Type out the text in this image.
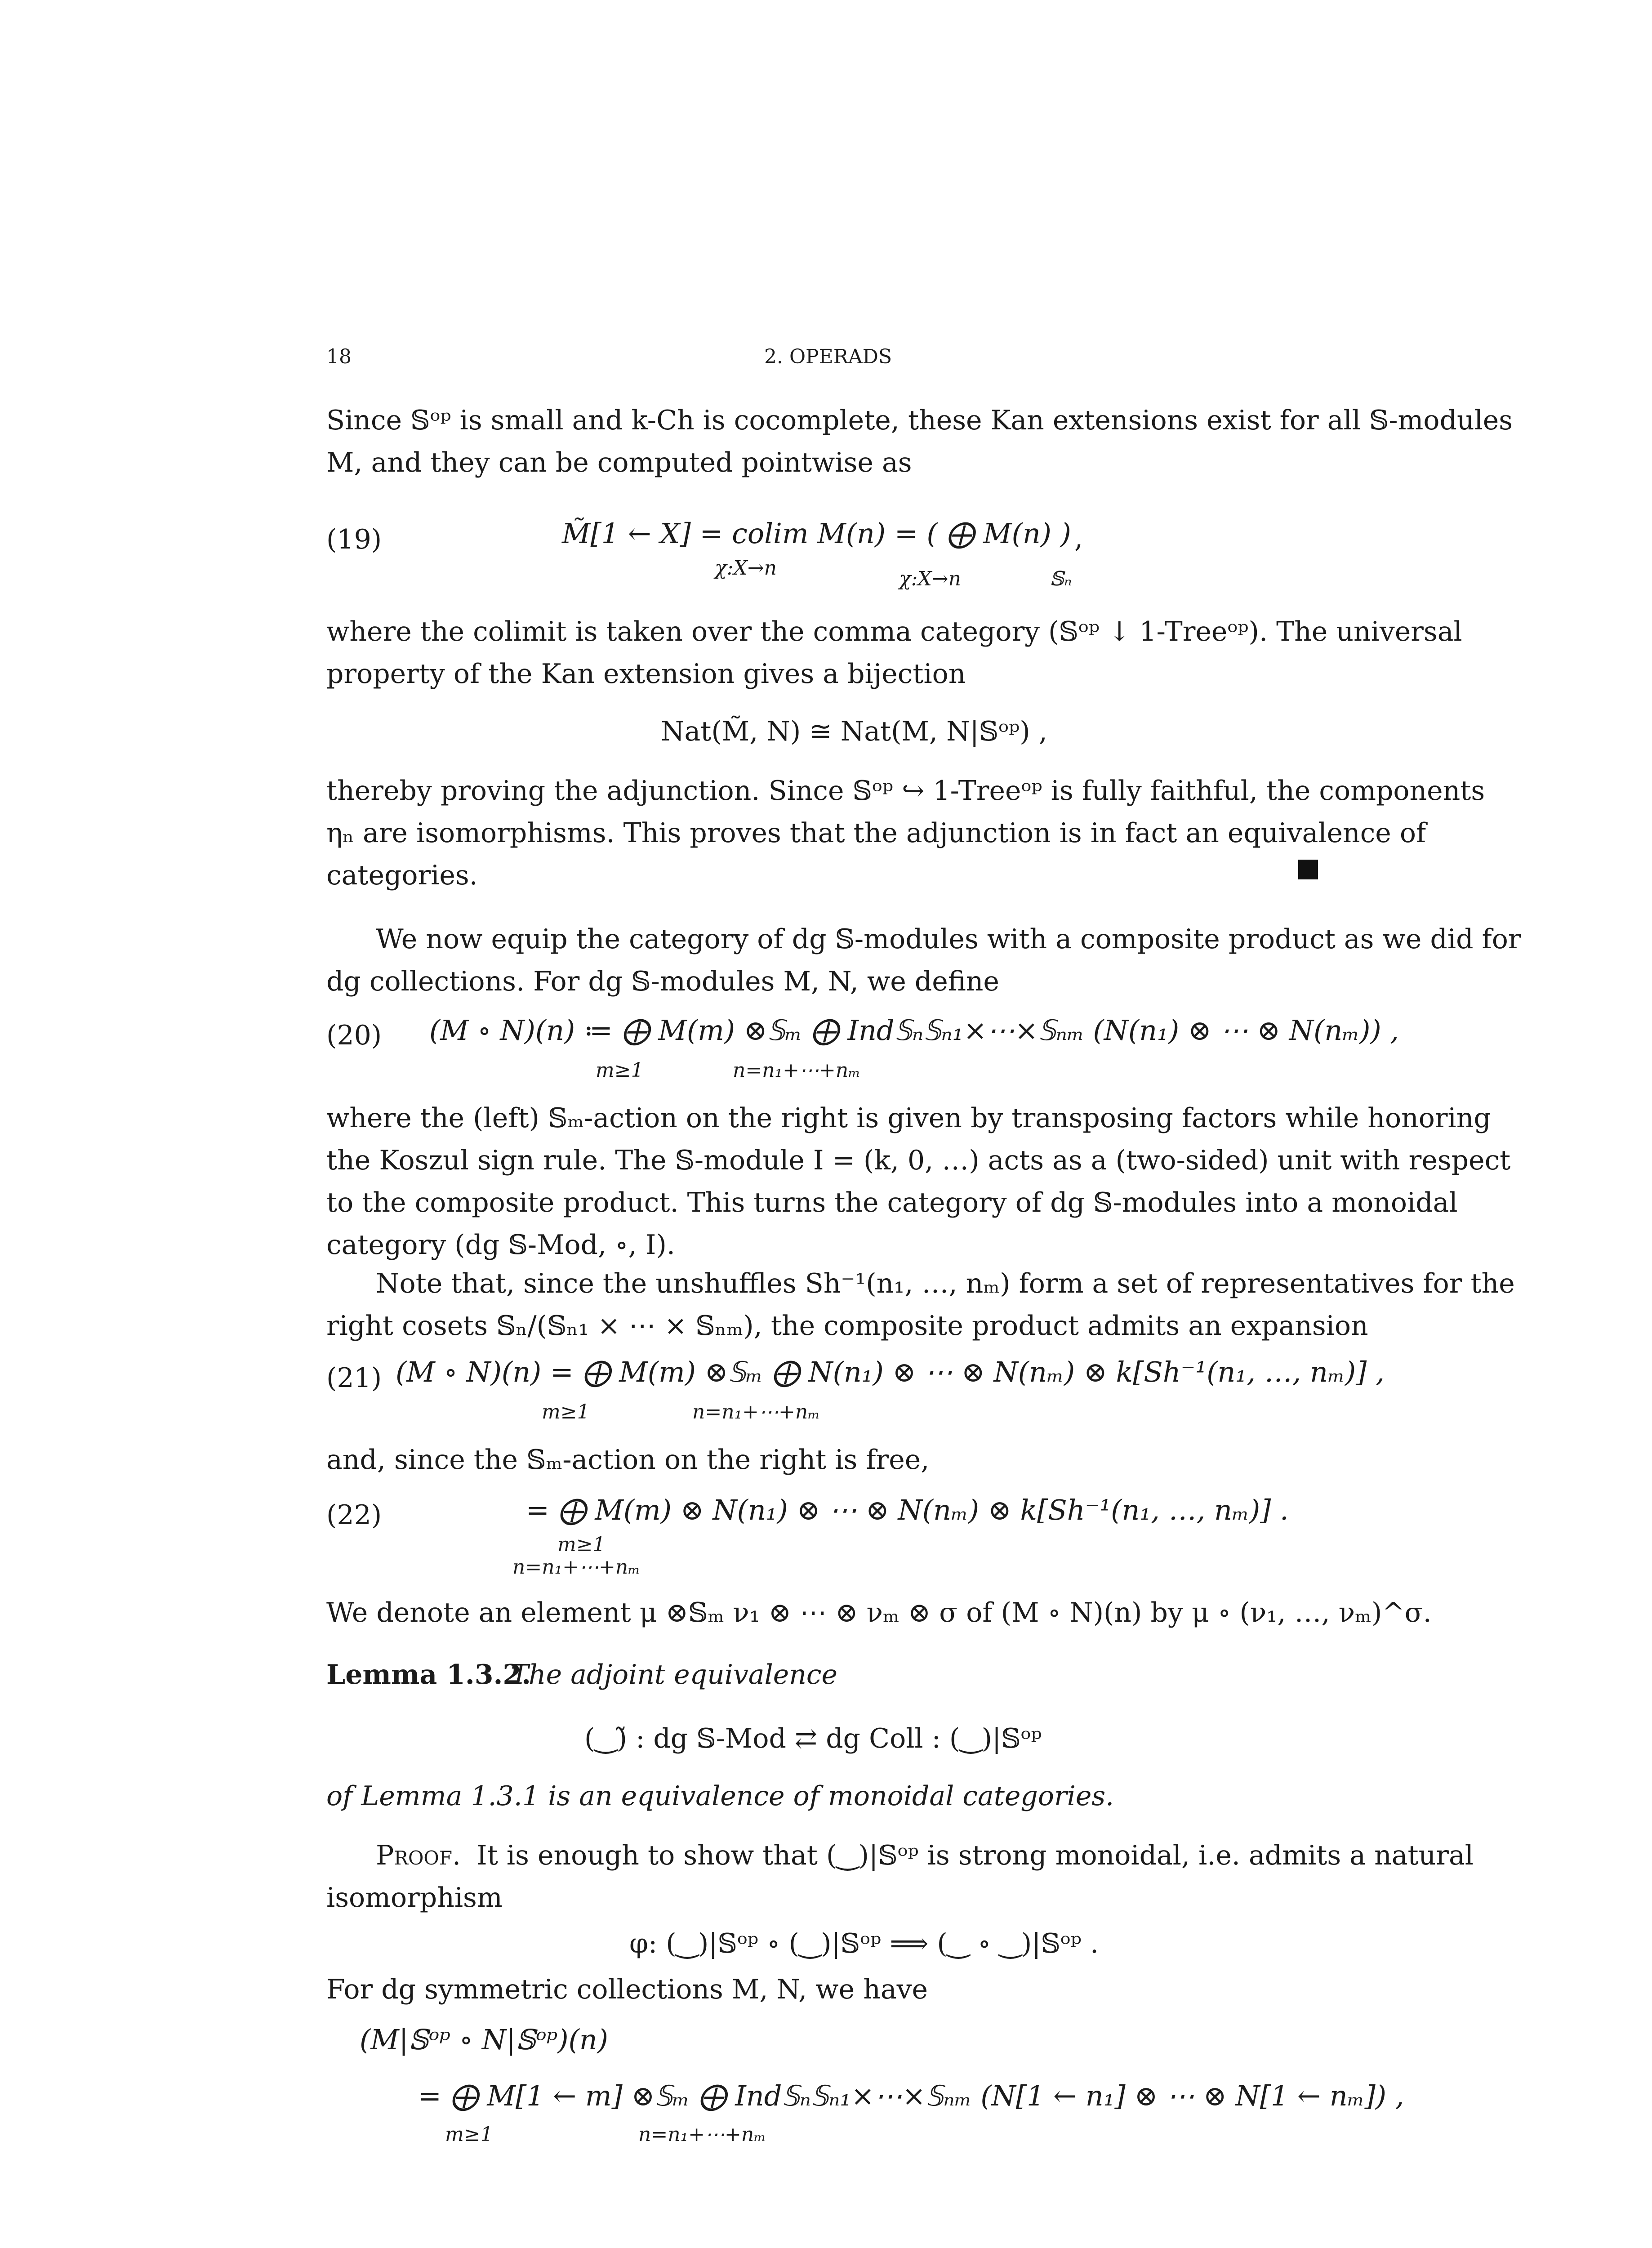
18	2. OPERADS
Since 𝕊ᵒᵖ is small and k-Ch is cocomplete, these Kan extensions exist for all 𝕊-modules
M, and they can be computed pointwise as
(19)	M̃[1 ← X] = colim M(n) = ( ⨁ M(n) )
χ:X→n	χ:X→n	𝕊ₙ
,
where the colimit is taken over the comma category (𝕊ᵒᵖ ↓ 1-Treeᵒᵖ). The universal
property of the Kan extension gives a bijection
Nat(M̃, N) ≅ Nat(M, N|𝕊ᵒᵖ) ,
thereby proving the adjunction. Since 𝕊ᵒᵖ ↪ 1-Treeᵒᵖ is fully faithful, the components
ηₙ are isomorphisms. This proves that the adjunction is in fact an equivalence of
categories.
We now equip the category of dg 𝕊-modules with a composite product as we did for
dg collections. For dg 𝕊-modules M, N, we define
(20) (M ∘ N)(n) ≔ ⨁ M(m) ⊗𝕊ₘ ⨁ Ind𝕊ₙ𝕊ₙ₁×⋯×𝕊ₙₘ (N(n₁) ⊗ ⋯ ⊗ N(nₘ)) ,
m≥1	n=n₁+⋯+nₘ
where the (left) 𝕊ₘ-action on the right is given by transposing factors while honoring
the Koszul sign rule. The 𝕊-module I = (k, 0, …) acts as a (two-sided) unit with respect
to the composite product. This turns the category of dg 𝕊-modules into a monoidal
category (dg 𝕊-Mod, ∘, I).
Note that, since the unshuffles Sh⁻¹(n₁, …, nₘ) form a set of representatives for the
right cosets 𝕊ₙ/(𝕊ₙ₁ × ⋯ × 𝕊ₙₘ), the composite product admits an expansion
(21) (M ∘ N)(n) = ⨁ M(m) ⊗𝕊ₘ ⨁ N(n₁) ⊗ ⋯ ⊗ N(nₘ) ⊗ k[Sh⁻¹(n₁, …, nₘ)] ,
m≥1	n=n₁+⋯+nₘ
and, since the 𝕊ₘ-action on the right is free,
(22)	= ⨁ M(m) ⊗ N(n₁) ⊗ ⋯ ⊗ N(nₘ) ⊗ k[Sh⁻¹(n₁, …, nₘ)] .
m≥1
n=n₁+⋯+nₘ
We denote an element μ ⊗𝕊ₘ ν₁ ⊗ ⋯ ⊗ νₘ ⊗ σ of (M ∘ N)(n) by μ ∘ (ν₁, …, νₘ)^σ.
Lemma 1.3.2.
The adjoint equivalence
(‿)̃ : dg 𝕊-Mod ⇄ dg Coll : (‿)|𝕊ᵒᵖ
of Lemma 1.3.1 is an equivalence of monoidal categories.
Proof. It is enough to show that (‿)|𝕊ᵒᵖ is strong monoidal, i.e. admits a natural
isomorphism
φ: (‿)|𝕊ᵒᵖ ∘ (‿)|𝕊ᵒᵖ ⟹ (‿ ∘ ‿)|𝕊ᵒᵖ .
For dg symmetric collections M, N, we have
(M|𝕊ᵒᵖ ∘ N|𝕊ᵒᵖ)(n)
= ⨁ M[1 ← m] ⊗𝕊ₘ ⨁ Ind𝕊ₙ𝕊ₙ₁×⋯×𝕊ₙₘ (N[1 ← n₁] ⊗ ⋯ ⊗ N[1 ← nₘ]) ,
m≥1	n=n₁+⋯+nₘ
